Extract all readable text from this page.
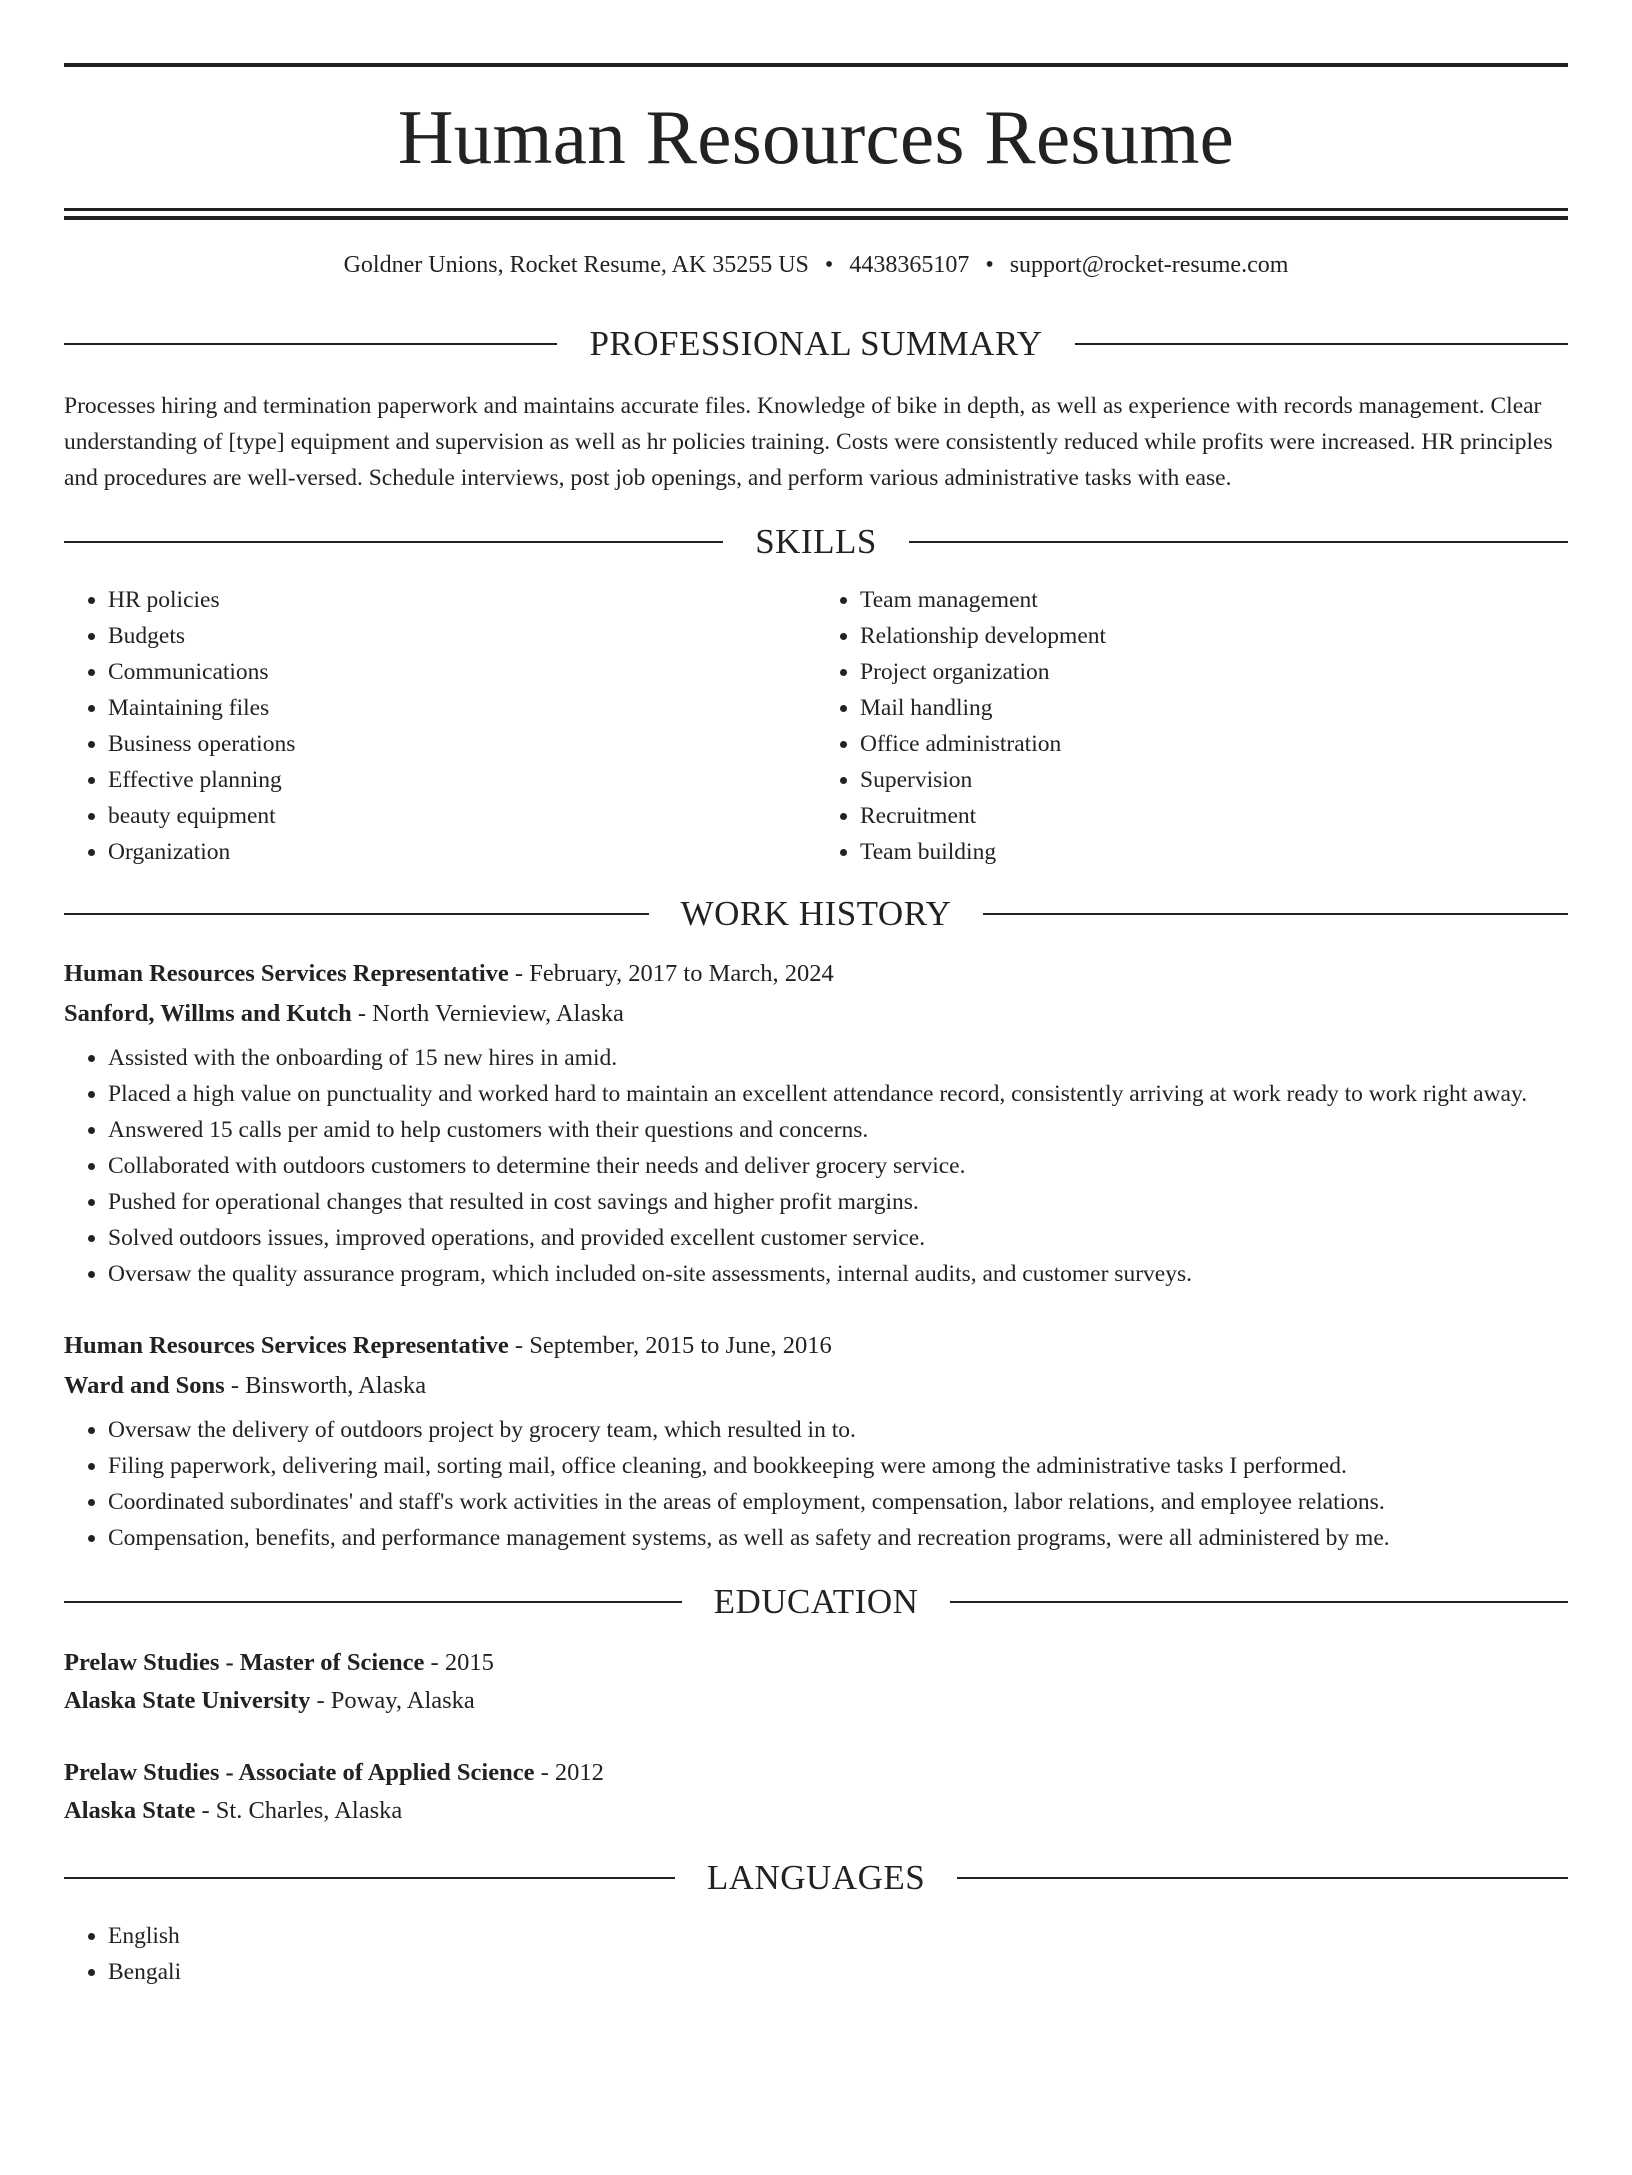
Human Resources Resume
Goldner Unions, Rocket Resume, AK 35255 US • 4438365107 • support@rocket-resume.com
PROFESSIONAL SUMMARY

Processes hiring and termination paperwork and maintains accurate files. Knowledge of bike in depth, as well as experience with records management. Clear understanding of [type] equipment and supervision as well as hr policies training. Costs were consistently reduced while profits were increased. HR principles and procedures are well-versed. Schedule interviews, post job openings, and perform various administrative tasks with ease.

SKILLS
• HR policies
• Budgets
• Communications
• Maintaining files
• Business operations
• Effective planning
• beauty equipment
• Organization
• Team management
• Relationship development
• Project organization
• Mail handling
• Office administration
• Supervision
• Recruitment
• Team building
WORK HISTORY

Human Resources Services Representative - February, 2017 to March, 2024

Sanford, Willms and Kutch - North Vernieview, Alaska

• Assisted with the onboarding of 15 new hires in amid.
• Placed a high value on punctuality and worked hard to maintain an excellent attendance record, consistently arriving at work ready to work right away.
• Answered 15 calls per amid to help customers with their questions and concerns.
• Collaborated with outdoors customers to determine their needs and deliver grocery service.
• Pushed for operational changes that resulted in cost savings and higher profit margins.
• Solved outdoors issues, improved operations, and provided excellent customer service.
• Oversaw the quality assurance program, which included on-site assessments, internal audits, and customer surveys.

Human Resources Services Representative - September, 2015 to June, 2016

Ward and Sons - Binsworth, Alaska

• Oversaw the delivery of outdoors project by grocery team, which resulted in to.
• Filing paperwork, delivering mail, sorting mail, office cleaning, and bookkeeping were among the administrative tasks I performed.
• Coordinated subordinates' and staff's work activities in the areas of employment, compensation, labor relations, and employee relations.
• Compensation, benefits, and performance management systems, as well as safety and recreation programs, were all administered by me.
EDUCATION

Prelaw Studies - Master of Science - 2015

Alaska State University - Poway, Alaska

Prelaw Studies - Associate of Applied Science - 2012

Alaska State - St. Charles, Alaska

LANGUAGES
• English
• Bengali
